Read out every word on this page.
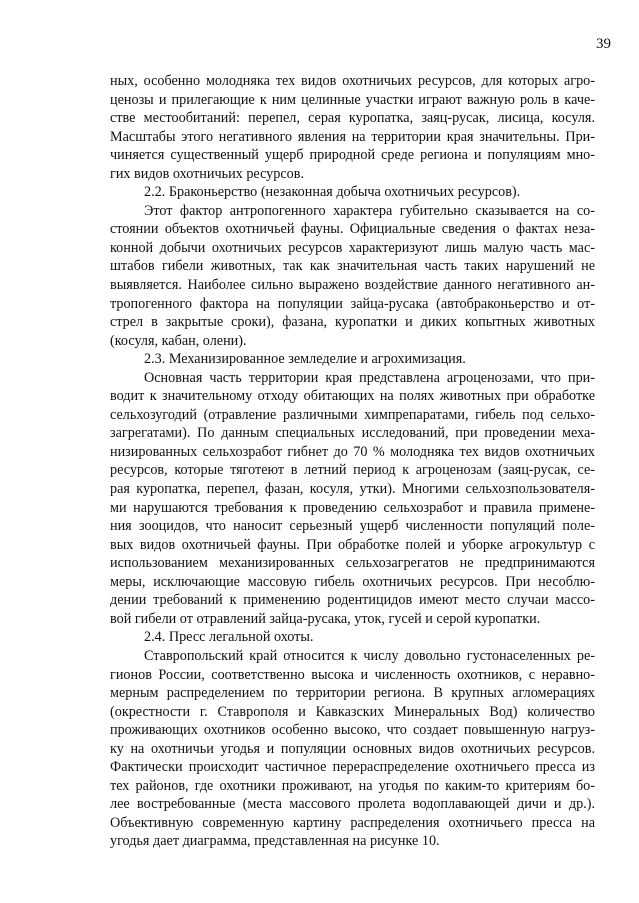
39
ных, особенно молодняка тех видов охотничьих ресурсов, для которых агро-
ценозы и прилегающие к ним целинные участки играют важную роль в каче-
стве местообитаний: перепел, серая куропатка, заяц-русак, лисица, косуля.
Масштабы этого негативного явления на территории края значительны. При-
чиняется существенный ущерб природной среде региона и популяциям мно-
гих видов охотничьих ресурсов.
2.2. Браконьерство (незаконная добыча охотничьих ресурсов).
Этот фактор антропогенного характера губительно сказывается на со-
стоянии объектов охотничьей фауны. Официальные сведения о фактах неза-
конной добычи охотничьих ресурсов характеризуют лишь малую часть мас-
штабов гибели животных, так как значительная часть таких нарушений не
выявляется. Наиболее сильно выражено воздействие данного негативного ан-
тропогенного фактора на популяции зайца-русака (автобраконьерство и от-
стрел в закрытые сроки), фазана, куропатки и диких копытных животных
(косуля, кабан, олени).
2.3. Механизированное земледелие и агрохимизация.
Основная часть территории края представлена агроценозами, что при-
водит к значительному отходу обитающих на полях животных при обработке
сельхозугодий (отравление различными химпрепаратами, гибель под сельхо-
загрегатами). По данным специальных исследований, при проведении меха-
низированных сельхозработ гибнет до 70 % молодняка тех видов охотничьих
ресурсов, которые тяготеют в летний период к агроценозам (заяц-русак, се-
рая куропатка, перепел, фазан, косуля, утки). Многими сельхозпользователя-
ми нарушаются требования к проведению сельхозработ и правила примене-
ния зооцидов, что наносит серьезный ущерб численности популяций поле-
вых видов охотничьей фауны. При обработке полей и уборке агрокультур с
использованием механизированных сельхозагрегатов не предпринимаются
меры, исключающие массовую гибель охотничьих ресурсов. При несоблю-
дении требований к применению родентицидов имеют место случаи массо-
вой гибели от отравлений зайца-русака, уток, гусей и серой куропатки.
2.4. Пресс легальной охоты.
Ставропольский край относится к числу довольно густонаселенных ре-
гионов России, соответственно высока и численность охотников, с неравно-
мерным распределением по территории региона. В крупных агломерациях
(окрестности г. Ставрополя и Кавказских Минеральных Вод) количество
проживающих охотников особенно высоко, что создает повышенную нагруз-
ку на охотничьи угодья и популяции основных видов охотничьих ресурсов.
Фактически происходит частичное перераспределение охотничьего пресса из
тех районов, где охотники проживают, на угодья по каким-то критериям бо-
лее востребованные (места массового пролета водоплавающей дичи и др.).
Объективную современную картину распределения охотничьего пресса на
угодья дает диаграмма, представленная на рисунке 10.
